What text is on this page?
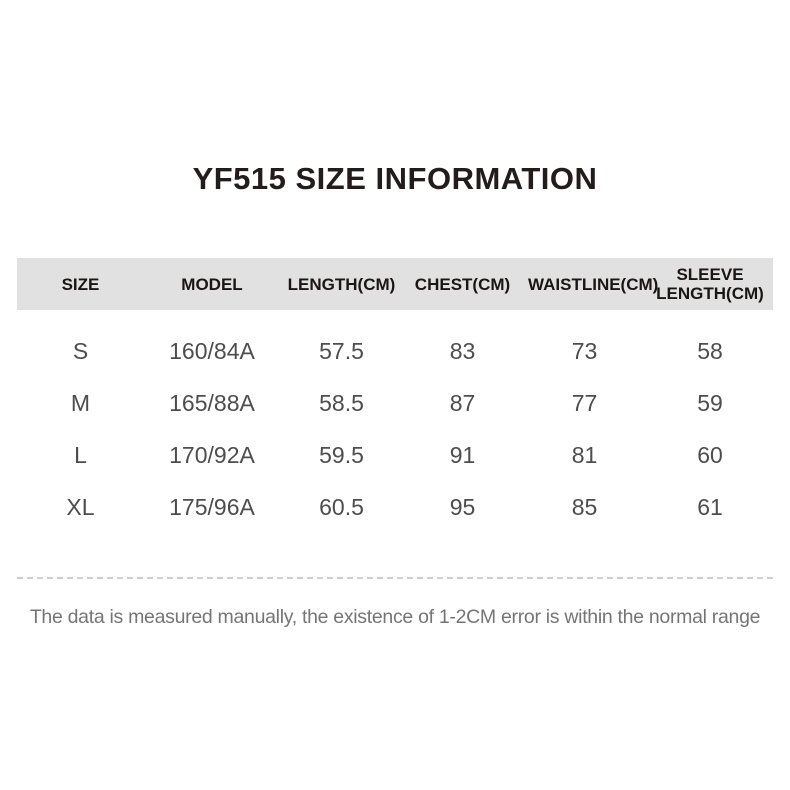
YF515 SIZE INFORMATION
SIZE	MODEL	LENGTH(CM)	CHEST(CM)	WAISTLINE(CM)	SLEEVE LENGTH(CM)
S	160/84A	57.5	83	73	58
M	165/88A	58.5	87	77	59
L	170/92A	59.5	91	81	60
XL	175/96A	60.5	95	85	61

The data is measured manually, the existence of 1-2CM error is within the normal range
